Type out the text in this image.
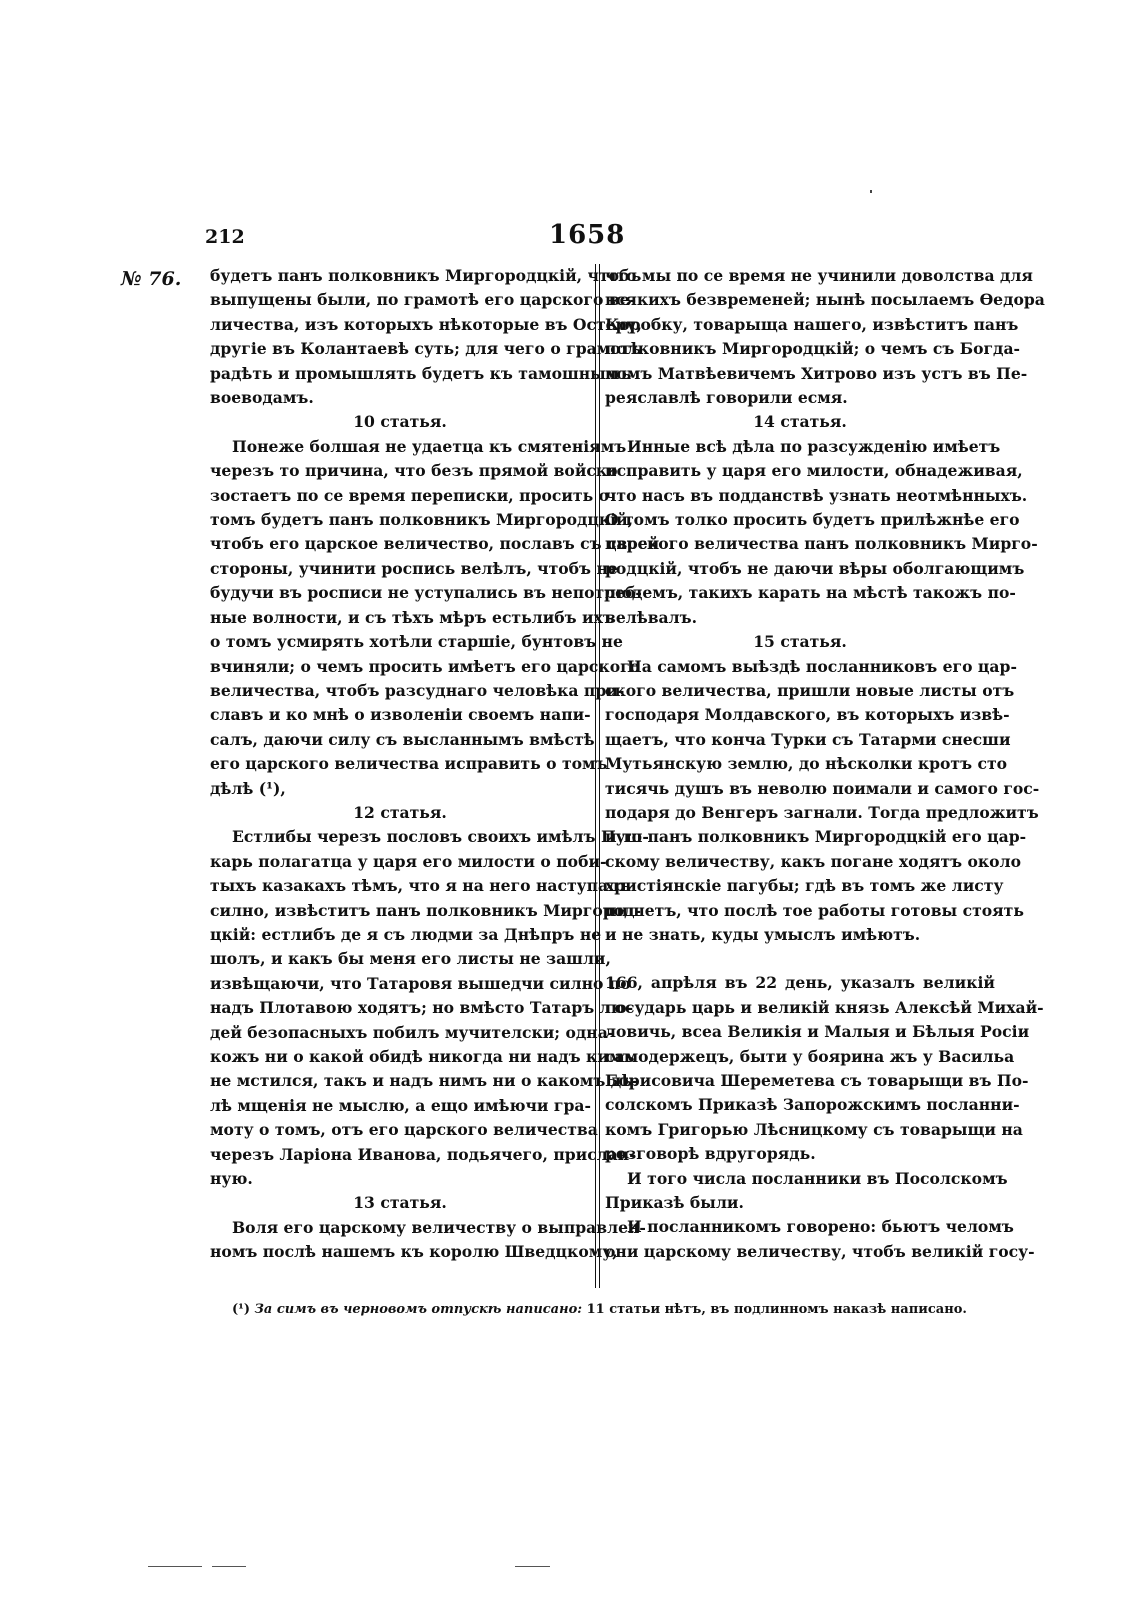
212	1658
№ 76. будетъ панъ полковникъ Миргородцкій, чтобъ
выпущены были, по грамотѣ его царского ве-
личества, изъ которыхъ нѣкоторые въ Остеру,
другіе въ Колантаевѣ суть; для чего о грамотѣ
радѣть и промышлять будетъ къ тамошнымъ
воеводамъ.
10 статья.
Понеже болшая не удаетца къ смятеніямъ
черезъ то причина, что безъ прямой войско
зостаетъ по се время переписки, просить о
томъ будетъ панъ полковникъ Миргородцкій,
чтобъ его царское величество, пославъ съ своей
стороны, учинити роспись велѣлъ, чтобъ не
будучи въ росписи не уступались въ непотреб-
ные волности, и съ тѣхъ мѣръ естьлибъ ихъ
о томъ усмирять хотѣли старшіе, бунтовъ не
вчиняли; о чемъ просить имѣетъ его царского
величества, чтобъ разсуднаго человѣка при-
славъ и ко мнѣ о изволеніи своемъ напи-
салъ, даючи силу съ высланнымъ вмѣстѣ
его царского величества исправить о томъ
дѣлѣ (¹),
12 статья.
Естлибы черезъ пословъ своихъ имѣлъ Пуш-
карь полагатца у царя его милости о поби-
тыхъ казакахъ тѣмъ, что я на него наступалъ
силно, извѣститъ панъ полковникъ Миргород-
цкій: естлибъ де я съ людми за Днѣпръ не
шолъ, и какъ бы меня его листы не зашли,
извѣщаючи, что Татаровя вышедчи силно по
надъ Плотавою ходятъ; но вмѣсто Татаръ лю-
дей безопасныхъ побилъ мучителски; однa-
кожъ ни о какой обидѣ никогда ни надъ кимъ
не мстился, такъ и надъ нимъ ни о какомъ дѣ-
лѣ мщенія не мыслю, а ещо имѣючи гра-
моту о томъ, отъ его царского величества
черезъ Ларіона Иванова, подьячего, прислан-
ную.
13 статья.
Воля его царскому величеству о выправлен-
номъ послѣ нашемъ къ королю Шведцкому,
что мы по се время не учинили доволства для
всякихъ безвременей; нынѣ посылаемъ Ѳедора
Коробку, товарыща нашего, извѣститъ панъ
полковникъ Миргородцкій; о чемъ съ Богда-
номъ Матвѣевичемъ Хитрово изъ устъ въ Пе-
реяславлѣ говорили есмя.
14 статья.
Инные всѣ дѣла по разсужденію имѣетъ
исправить у царя его милости, обнадеживая,
что насъ въ подданствѣ узнать неотмѣнныхъ.
О томъ толко просить будетъ прилѣжнѣе его
царского величества панъ полковникъ Мирго-
родцкій, чтобъ не даючи вѣры оболгающимъ
людемъ, такихъ карать на мѣстѣ такожъ по-
велѣвалъ.
15 статья.
На самомъ выѣздѣ посланниковъ его цар-
ского величества, пришли новые листы отъ
господаря Молдавского, въ которыхъ извѣ-
щаетъ, что конча Турки съ Татарми снесши
Мутьянскую землю, до нѣсколки кротъ сто
тисячь душъ въ неволю поимали и самого гос-
подаря до Венгеръ загнали. Тогда предложитъ
и то панъ полковникъ Миргородцкій его цар-
скому величеству, какъ погане ходятъ около
христіянскіе пагубы; гдѣ въ томъ же листу
пишетъ, что послѣ тое работы готовы стоять
и не знать, куды умыслъ имѣютъ.
166, апрѣля въ 22 день, указалъ великій
государь царь и великій князь Алексѣй Михай-
ловичь, всеа Великія и Малыя и Бѣлыя Росіи
самодержецъ, быти у боярина жъ у Васильа
Борисовича Шереметева съ товарыщи въ По-
солскомъ Приказѣ Запорожскимъ посланни-
комъ Григорью Лѣсницкому съ товарыщи на
розговорѣ вдругорядь.
И того числа посланники въ Посолскомъ
Приказѣ были.
И посланникомъ говорено: бьютъ челомъ
они царскому величеству, чтобъ великій госу-
(¹) За симъ въ черновомъ отпускѣ написано: 11 статьи нѣтъ, въ подлинномъ наказѣ написано.
